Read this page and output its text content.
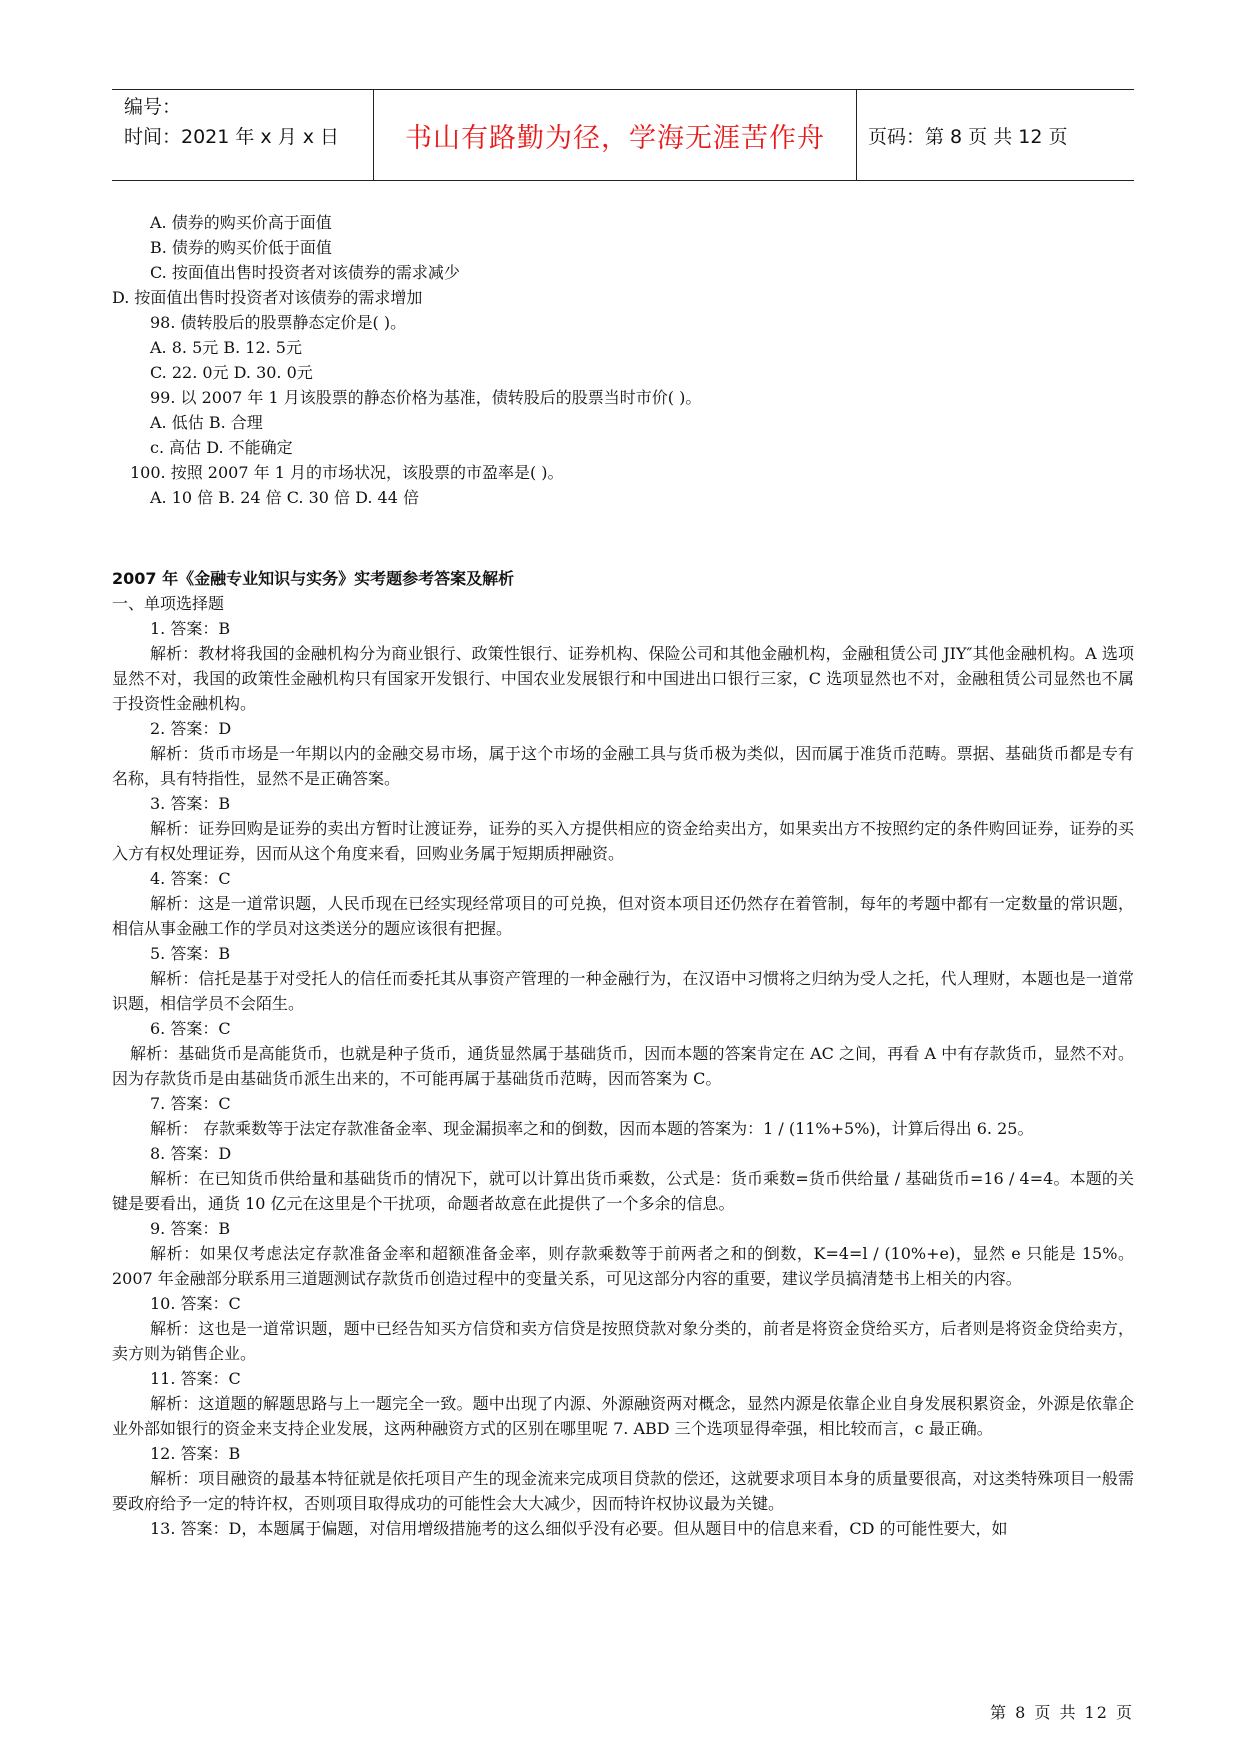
编号：
时间：2021 年 x 月 x 日	书山有路勤为径，学海无涯苦作舟	页码：第 8 页 共 12 页
A. 债券的购买价高于面值
B. 债券的购买价低于面值
C. 按面值出售时投资者对该债券的需求减少
D. 按面值出售时投资者对该债券的需求增加
98. 债转股后的股票静态定价是( )。
A. 8. 5元 B. 12. 5元
C. 22. 0元 D. 30. 0元
99. 以 2007 年 1 月该股票的静态价格为基准，债转股后的股票当时市价( )。
A. 低估 B. 合理
c. 高估 D. 不能确定
100. 按照 2007 年 1 月的市场状况，该股票的市盈率是( )。
A. 10 倍 B. 24 倍 C. 30 倍 D. 44 倍
2007 年《金融专业知识与实务》实考题参考答案及解析
一、单项选择题
1. 答案：B
解析：教材将我国的金融机构分为商业银行、政策性银行、证券机构、保险公司和其他金融机构，金融租赁公司 JIY″其他金融机构。A 选项显然不对，我国的政策性金融机构只有国家开发银行、中国农业发展银行和中国进出口银行三家，C 选项显然也不对，金融租赁公司显然也不属于投资性金融机构。
2. 答案：D
解析：货币市场是一年期以内的金融交易市场，属于这个市场的金融工具与货币极为类似，因而属于准货币范畴。票据、基础货币都是专有名称，具有特指性，显然不是正确答案。
3. 答案：B
解析：证券回购是证券的卖出方暂时让渡证券，证券的买入方提供相应的资金给卖出方，如果卖出方不按照约定的条件购回证券，证券的买入方有权处理证券，因而从这个角度来看，回购业务属于短期质押融资。
4. 答案：C
解析：这是一道常识题，人民币现在已经实现经常项目的可兑换，但对资本项目还仍然存在着管制，每年的考题中都有一定数量的常识题，相信从事金融工作的学员对这类送分的题应该很有把握。
5. 答案：B
解析：信托是基于对受托人的信任而委托其从事资产管理的一种金融行为，在汉语中习惯将之归纳为受人之托，代人理财，本题也是一道常识题，相信学员不会陌生。
6. 答案：C
解析：基础货币是高能货币，也就是种子货币，通货显然属于基础货币，因而本题的答案肯定在 AC 之间，再看 A 中有存款货币，显然不对。因为存款货币是由基础货币派生出来的，不可能再属于基础货币范畴，因而答案为 C。
7. 答案：C
解析： 存款乘数等于法定存款准备金率、现金漏损率之和的倒数，因而本题的答案为：1 / (11%+5%)，计算后得出 6. 25。
8. 答案：D
解析：在已知货币供给量和基础货币的情况下，就可以计算出货币乘数，公式是：货币乘数=货币供给量 / 基础货币=16 / 4=4。本题的关键是要看出，通货 10 亿元在这里是个干扰项，命题者故意在此提供了一个多余的信息。
9. 答案：B
解析：如果仅考虑法定存款准备金率和超额准备金率，则存款乘数等于前两者之和的倒数，K=4=l / (10%+e)，显然 e 只能是 15%。2007 年金融部分联系用三道题测试存款货币创造过程中的变量关系，可见这部分内容的重要，建议学员搞清楚书上相关的内容。
10. 答案：C
解析：这也是一道常识题，题中已经告知买方信贷和卖方信贷是按照贷款对象分类的，前者是将资金贷给买方，后者则是将资金贷给卖方，卖方则为销售企业。
11. 答案：C
解析：这道题的解题思路与上一题完全一致。题中出现了内源、外源融资两对概念，显然内源是依靠企业自身发展积累资金，外源是依靠企业外部如银行的资金来支持企业发展，这两种融资方式的区别在哪里呢 7. ABD 三个选项显得牵强，相比较而言，c 最正确。
12. 答案：B
解析：项目融资的最基本特征就是依托项目产生的现金流来完成项目贷款的偿还，这就要求项目本身的质量要很高，对这类特殊项目一般需要政府给予一定的特许权，否则项目取得成功的可能性会大大减少，因而特许权协议最为关键。
13. 答案：D，本题属于偏题，对信用增级措施考的这么细似乎没有必要。但从题目中的信息来看，CD 的可能性要大，如
第 8 页 共 12 页
